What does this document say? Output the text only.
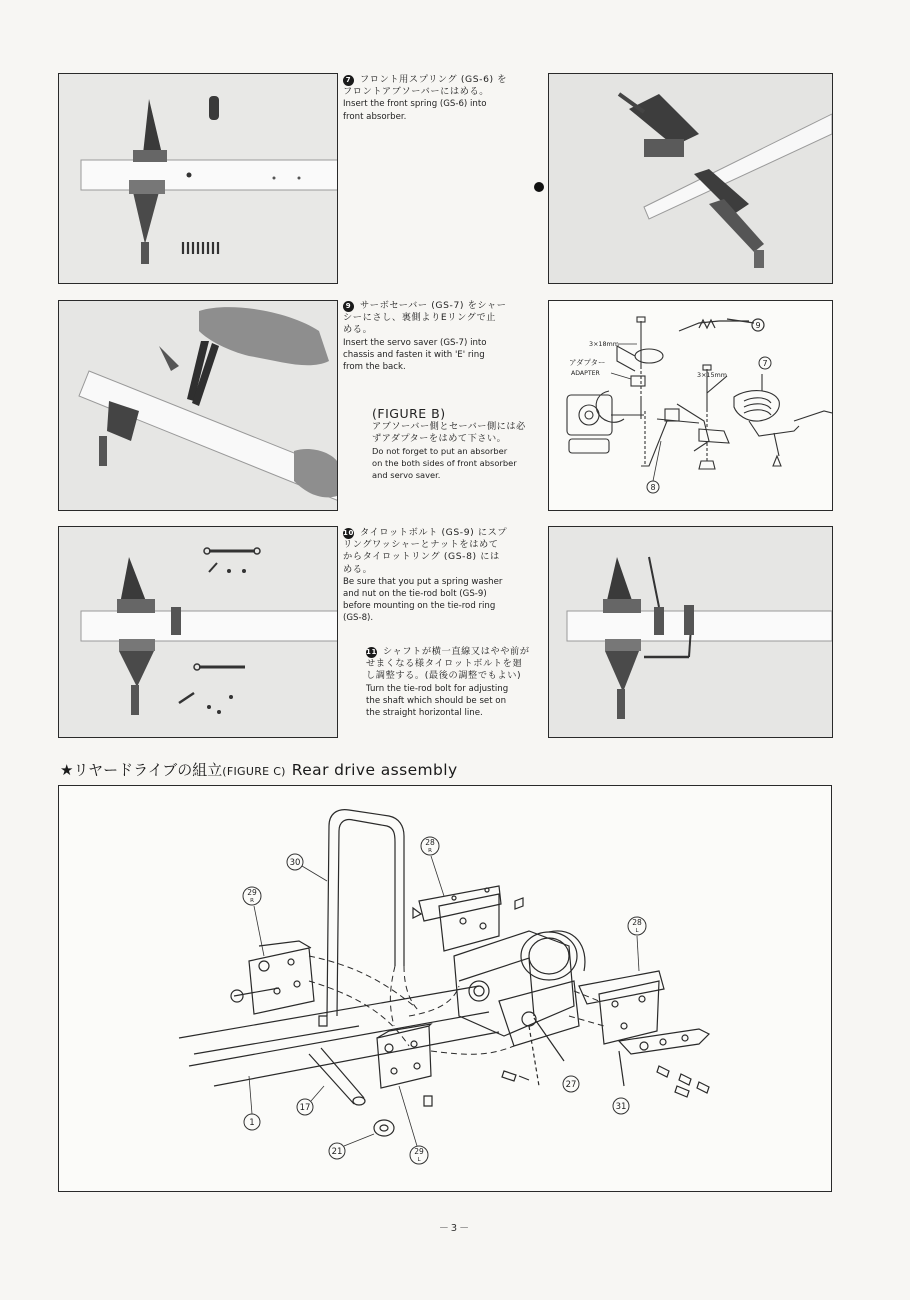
7 フロント用スプリング (GS-6) を
フロントアブソーバーにはめる。
Insert the front spring (GS-6) into
front absorber.
9 サーボセーバー (GS-7) をシャー
シーにさし、裏側よりEリングで止
める。
Insert the servo saver (GS-7) into
chassis and fasten it with 'E' ring
from the back.
(FIGURE B)
アブソーバー側とセーバー側には必
ずアダプターをはめて下さい。
Do not forget to put an absorber
on the both sides of front absorber
and servo saver.
9
3×18mm
アダプター
ADAPTER	3×15mm
7
8
10 タイロットボルト (GS-9) にスプ
リングワッシャーとナットをはめて
からタイロットリング (GS-8) には
める。
Be sure that you put a spring washer
and nut on the tie-rod bolt (GS-9)
before mounting on the tie-rod ring
(GS-8).
11 シャフトが横一直線又はやや前が
せまくなる様タイロットボルトを廻
し調整する。(最後の調整でもよい)
Turn the tie-rod bolt for adjusting
the shaft which should be set on
the straight horizontal line.
★リヤードライブの組立(FIGURE C) Rear drive assembly
30
29
R
28
R
28
L
27
31
1
17
21	29
L
－3－
